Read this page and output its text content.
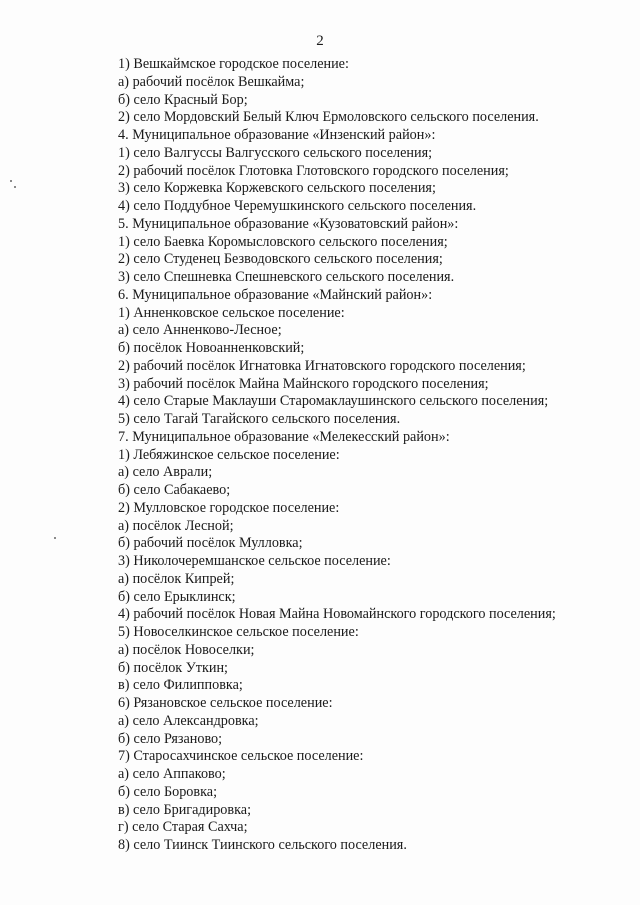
2
1) Вешкаймское городское поселение:
а) рабочий посёлок Вешкайма;
б) село Красный Бор;
2) село Мордовский Белый Ключ Ермоловского сельского поселения.
4. Муниципальное образование «Инзенский район»:
1) село Валгуссы Валгусского сельского поселения;
2) рабочий посёлок Глотовка Глотовского городского поселения;
3) село Коржевка Коржевского сельского поселения;
4) село Поддубное Черемушкинского сельского поселения.
5. Муниципальное образование «Кузоватовский район»:
1) село Баевка Коромысловского сельского поселения;
2) село Студенец Безводовского сельского поселения;
3) село Спешневка Спешневского сельского поселения.
6. Муниципальное образование «Майнский район»:
1) Анненковское сельское поселение:
а) село Анненково-Лесное;
б) посёлок Новоанненковский;
2) рабочий посёлок Игнатовка Игнатовского городского поселения;
3) рабочий посёлок Майна Майнского городского поселения;
4) село Старые Маклауши Старомаклаушинского сельского поселения;
5) село Тагай Тагайского сельского поселения.
7. Муниципальное образование «Мелекесский район»:
1) Лебяжинское сельское поселение:
а) село Аврали;
б) село Сабакаево;
2) Мулловское городское поселение:
а) посёлок Лесной;
б) рабочий посёлок Мулловка;
3) Николочеремшанское сельское поселение:
а) посёлок Кипрей;
б) село Ерыклинск;
4) рабочий посёлок Новая Майна Новомайнского городского поселения;
5) Новоселкинское сельское поселение:
а) посёлок Новоселки;
б) посёлок Уткин;
в) село Филипповка;
6) Рязановское сельское поселение:
а) село Александровка;
б) село Рязаново;
7) Старосахчинское сельское поселение:
а) село Аппаково;
б) село Боровка;
в) село Бригадировка;
г) село Старая Сахча;
8) село Тиинск Тиинского сельского поселения.
